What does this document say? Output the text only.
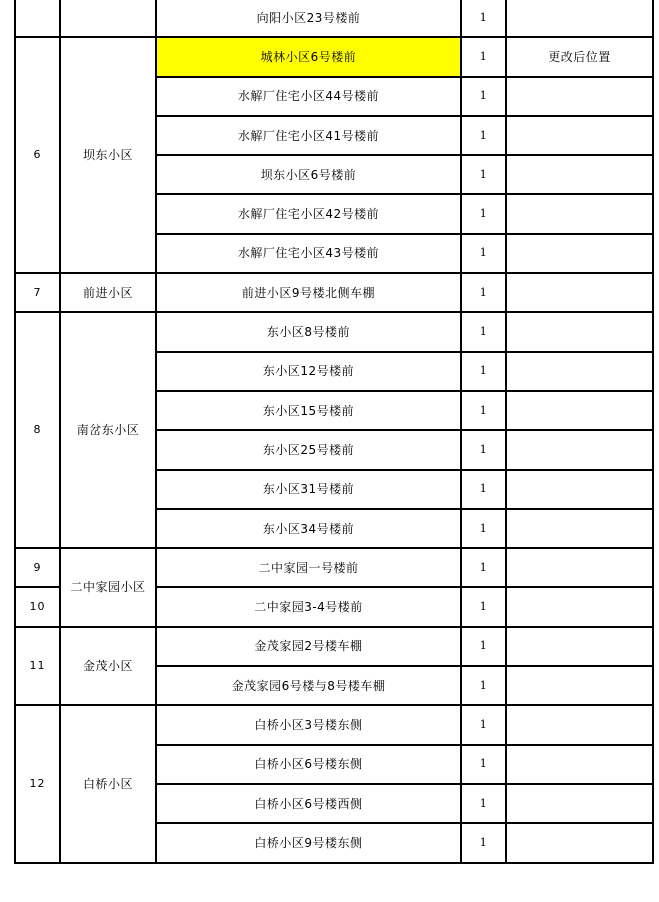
		向阳小区23号楼前	1	
6	坝东小区	城林小区6号楼前	1	更改后位置
		水解厂住宅小区44号楼前	1	
		水解厂住宅小区41号楼前	1	
		坝东小区6号楼前	1	
		水解厂住宅小区42号楼前	1	
		水解厂住宅小区43号楼前	1	
7	前进小区	前进小区9号楼北侧车棚	1	
8	南岔东小区	东小区8号楼前	1	
		东小区12号楼前	1	
		东小区15号楼前	1	
		东小区25号楼前	1	
		东小区31号楼前	1	
		东小区34号楼前	1	
9	二中家园小区	二中家园一号楼前	1	
10		二中家园3-4号楼前	1	
11	金茂小区	金茂家园2号楼车棚	1	
		金茂家园6号楼与8号楼车棚	1	
12	白桥小区	白桥小区3号楼东侧	1	
		白桥小区6号楼东侧	1	
		白桥小区6号楼西侧	1	
		白桥小区9号楼东侧	1	
